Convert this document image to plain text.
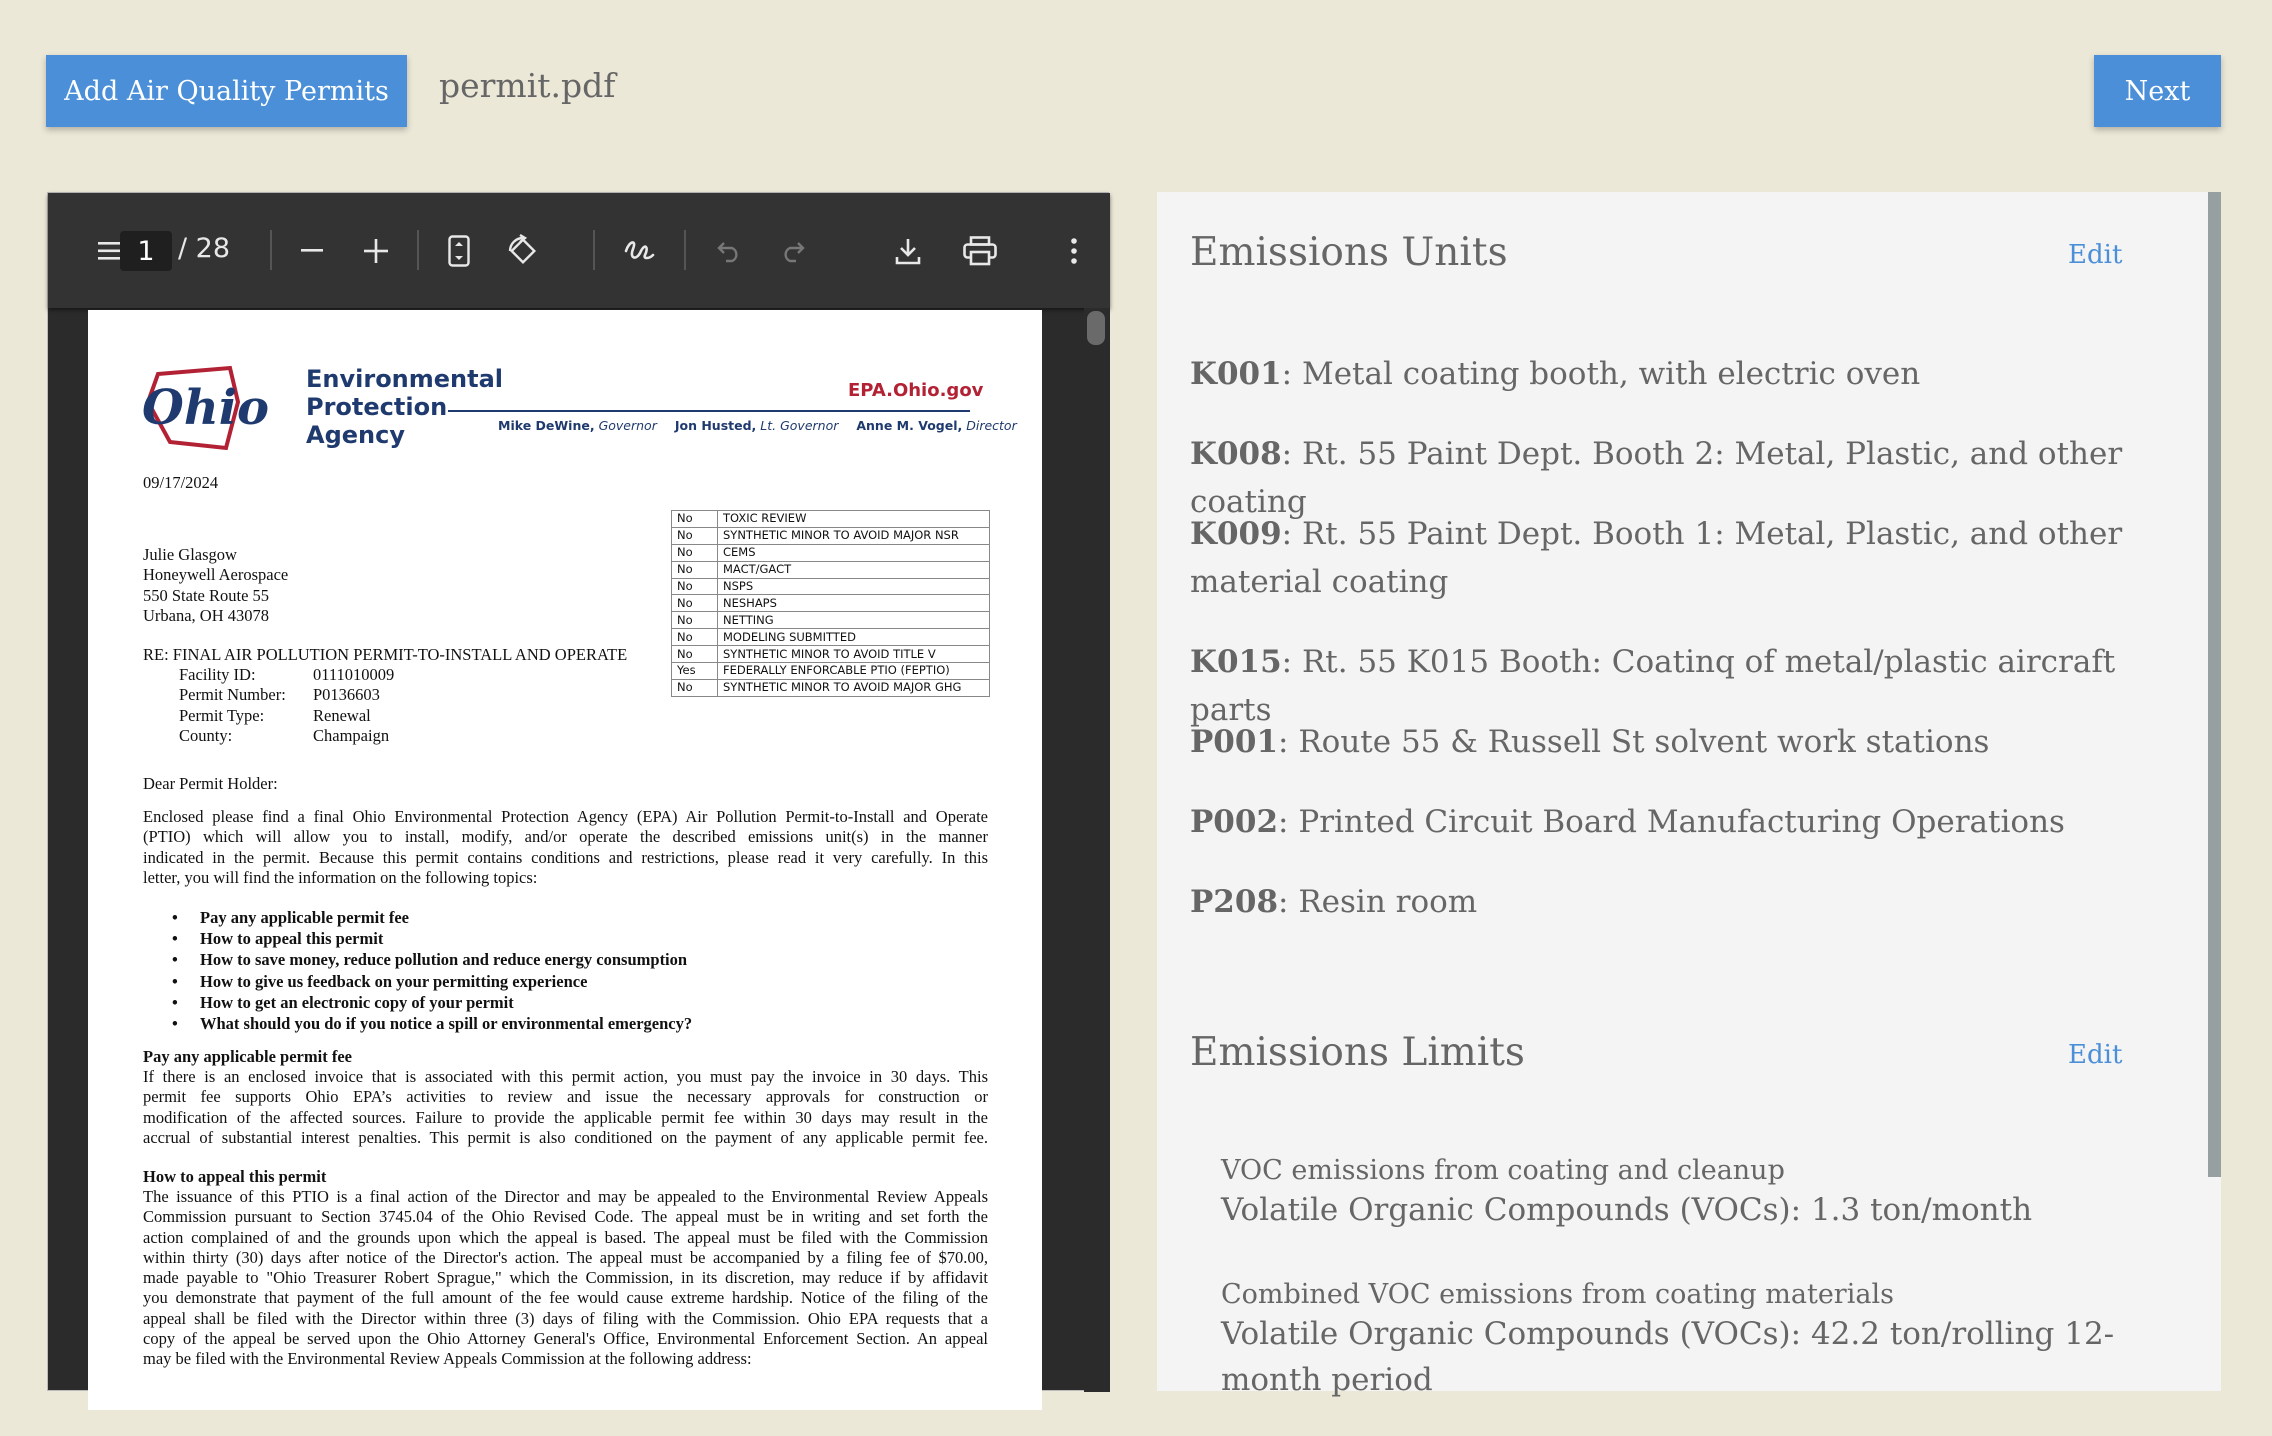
Add Air Quality Permits	permit.pdf	Next
1 / 28
Ohio
Environmental
Protection
Agency
EPA.Ohio.gov
Mike DeWine, Governor Jon Husted, Lt. Governor Anne M. Vogel, Director
09/17/2024
No	TOXIC REVIEW
No	SYNTHETIC MINOR TO AVOID MAJOR NSR
No	CEMS
No	MACT/GACT
No	NSPS
No	NESHAPS
No	NETTING
No	MODELING SUBMITTED
No	SYNTHETIC MINOR TO AVOID TITLE V
Yes	FEDERALLY ENFORCABLE PTIO (FEPTIO)
No	SYNTHETIC MINOR TO AVOID MAJOR GHG
Julie Glasgow
Honeywell Aerospace
550 State Route 55
Urbana, OH 43078
RE: FINAL AIR POLLUTION PERMIT-TO-INSTALL AND OPERATE
Facility ID:	0111010009
Permit Number: P0136603
Permit Type:	Renewal
County:	Champaign
Dear Permit Holder:
Enclosed please find a final Ohio Environmental Protection Agency (EPA) Air Pollution Permit-to-Install and Operate
(PTIO) which will allow you to install, modify, and/or operate the described emissions unit(s) in the manner
indicated in the permit. Because this permit contains conditions and restrictions, please read it very carefully. In this
letter, you will find the information on the following topics:
• Pay any applicable permit fee
• How to appeal this permit
• How to save money, reduce pollution and reduce energy consumption
• How to give us feedback on your permitting experience
• How to get an electronic copy of your permit
• What should you do if you notice a spill or environmental emergency?
Pay any applicable permit fee
If there is an enclosed invoice that is associated with this permit action, you must pay the invoice in 30 days. This
permit fee supports Ohio EPA’s activities to review and issue the necessary approvals for construction or
modification of the affected sources. Failure to provide the applicable permit fee within 30 days may result in the
accrual of substantial interest penalties. This permit is also conditioned on the payment of any applicable permit fee.
How to appeal this permit
The issuance of this PTIO is a final action of the Director and may be appealed to the Environmental Review Appeals
Commission pursuant to Section 3745.04 of the Ohio Revised Code. The appeal must be in writing and set forth the
action complained of and the grounds upon which the appeal is based. The appeal must be filed with the Commission
within thirty (30) days after notice of the Director's action. The appeal must be accompanied by a filing fee of $70.00,
made payable to "Ohio Treasurer Robert Sprague," which the Commission, in its discretion, may reduce if by affidavit
you demonstrate that payment of the full amount of the fee would cause extreme hardship. Notice of the filing of the
appeal shall be filed with the Director within three (3) days of filing with the Commission. Ohio EPA requests that a
copy of the appeal be served upon the Ohio Attorney General's Office, Environmental Enforcement Section. An appeal
may be filed with the Environmental Review Appeals Commission at the following address:
Emissions Units	Edit
K001: Metal coating booth, with electric oven
K008: Rt. 55 Paint Dept. Booth 2: Metal, Plastic, and other coating
K009: Rt. 55 Paint Dept. Booth 1: Metal, Plastic, and other material coating
K015: Rt. 55 K015 Booth: Coatinq of metal/plastic aircraft parts
P001: Route 55 & Russell St solvent work stations
P002: Printed Circuit Board Manufacturing Operations
P208: Resin room
Emissions Limits	Edit
VOC emissions from coating and cleanup
Volatile Organic Compounds (VOCs): 1.3 ton/month
Combined VOC emissions from coating materials
Volatile Organic Compounds (VOCs): 42.2 ton/rolling 12-month period
